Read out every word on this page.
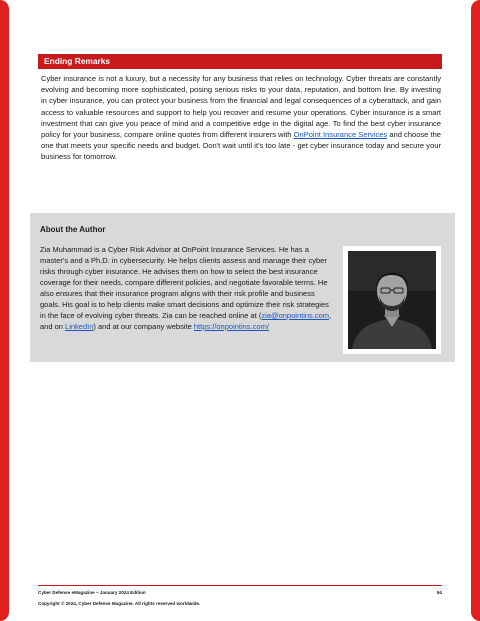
Ending Remarks

Cyber insurance is not a luxury, but a necessity for any business that relies on technology. Cyber threats are constantly evolving and becoming more sophisticated, posing serious risks to your data, reputation, and bottom line. By investing in cyber insurance, you can protect your business from the financial and legal consequences of a cyberattack, and gain access to valuable resources and support to help you recover and resume your operations. Cyber insurance is a smart investment that can give you peace of mind and a competitive edge in the digital age. To find the best cyber insurance policy for your business, compare online quotes from different insurers with OnPoint Insurance Services and choose the one that meets your specific needs and budget. Don't wait until it's too late - get cyber insurance today and secure your business for tomorrow.

About the Author

Zia Muhammad is a Cyber Risk Advisor at OnPoint Insurance Services. He has a master's and a Ph.D. in cybersecurity. He helps clients assess and manage their cyber risks through cyber insurance. He advises them on how to select the best insurance coverage for their needs, compare different policies, and negotiate favorable terms. He also ensures that their insurance program aligns with their risk profile and business goals. His goal is to help clients make smart decisions and optimize their risk strategies in the face of evolving cyber threats. Zia can be reached online at (zia@onpointins.com, and on LinkedIn) and at our company website https://onpointins.com/

Cyber Defense eMagazine – January 2024 Edition	94

Copyright © 2024, Cyber Defense Magazine. All rights reserved worldwide.
